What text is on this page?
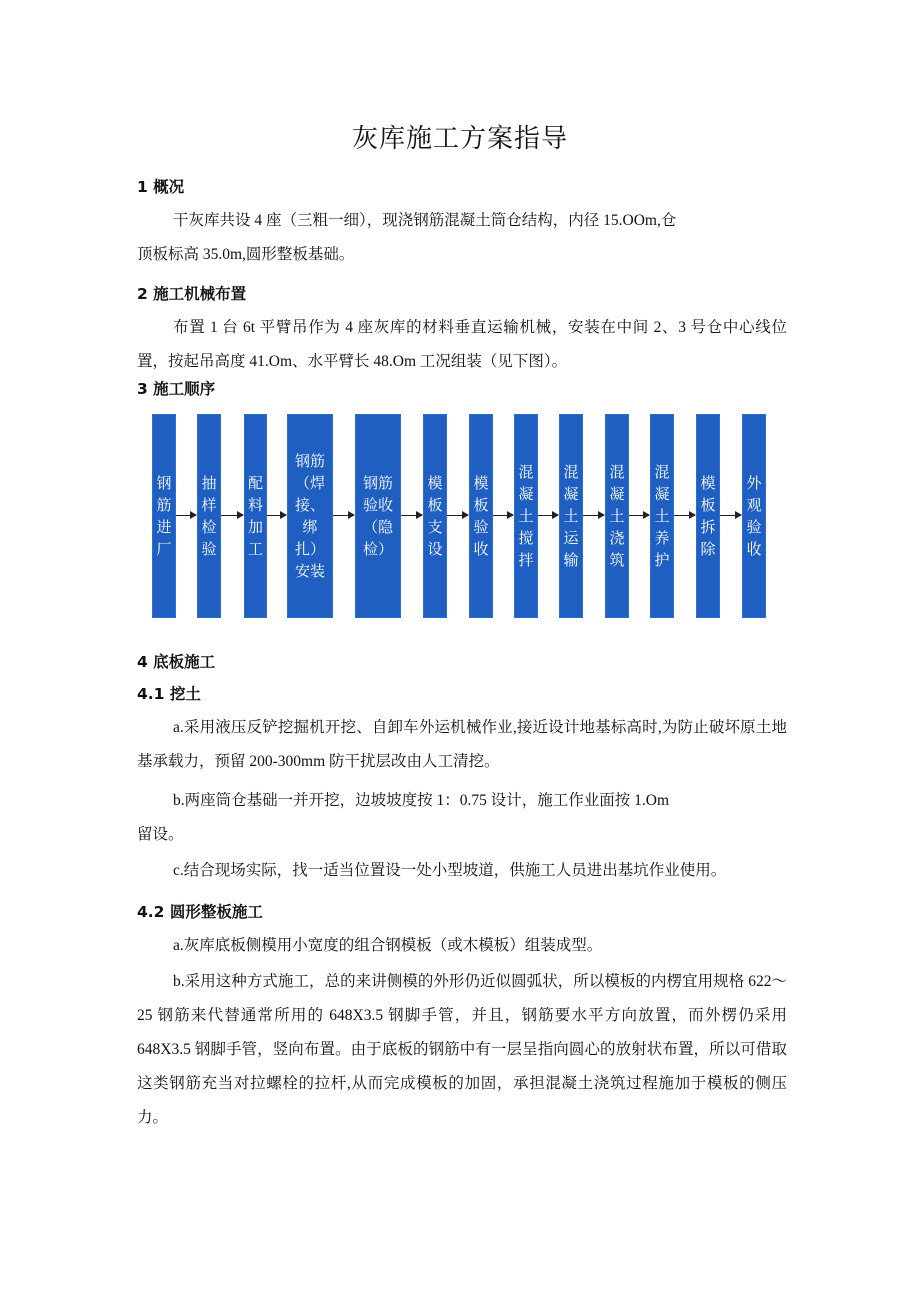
灰库施工方案指导
1 概况
干灰库共设 4 座（三粗一细），现浇钢筋混凝土筒仓结构，内径 15.OOm,仓
顶板标高 35.0m,圆形整板基础。
2 施工机械布置
布置 1 台 6t 平臂吊作为 4 座灰库的材料垂直运输机械，安装在中间 2、3 号仓中心线位置，按起吊高度 41.Om、水平臂长 48.Om 工况组装（见下图）。
3 施工顺序
钢
筋
进
厂
抽
样
检
验
配
料
加
工
钢筋
（焊
接、
绑
扎）
安装
钢筋
验收
（隐
检）
模
板
支
设
模
板
验
收
混
凝
土
搅
拌
混
凝
土
运
输
混
凝
土
浇
筑
混
凝
土
养
护
模
板
拆
除
外
观
验
收
4 底板施工
4.1 挖土
a.采用液压反铲挖掘机开挖、自卸车外运机械作业,接近设计地基标高时,为防止破坏原土地基承载力，预留 200-300mm 防干扰层改由人工清挖。
b.两座筒仓基础一并开挖，边坡坡度按 1：0.75 设计，施工作业面按 1.Om
留设。
c.结合现场实际，找一适当位置设一处小型坡道，供施工人员进出基坑作业使用。
4.2 圆形整板施工
a.灰库底板侧模用小宽度的组合钢模板（或木模板）组装成型。
b.采用这种方式施工，总的来讲侧模的外形仍近似圆弧状，所以模板的内楞宜用规格 622～25 钢筋来代替通常所用的 648X3.5 钢脚手管，并且，钢筋要水平方向放置，而外楞仍采用 648X3.5 钢脚手管，竖向布置。由于底板的钢筋中有一层呈指向圆心的放射状布置，所以可借取这类钢筋充当对拉螺栓的拉杆,从而完成模板的加固，承担混凝土浇筑过程施加于模板的侧压力。
